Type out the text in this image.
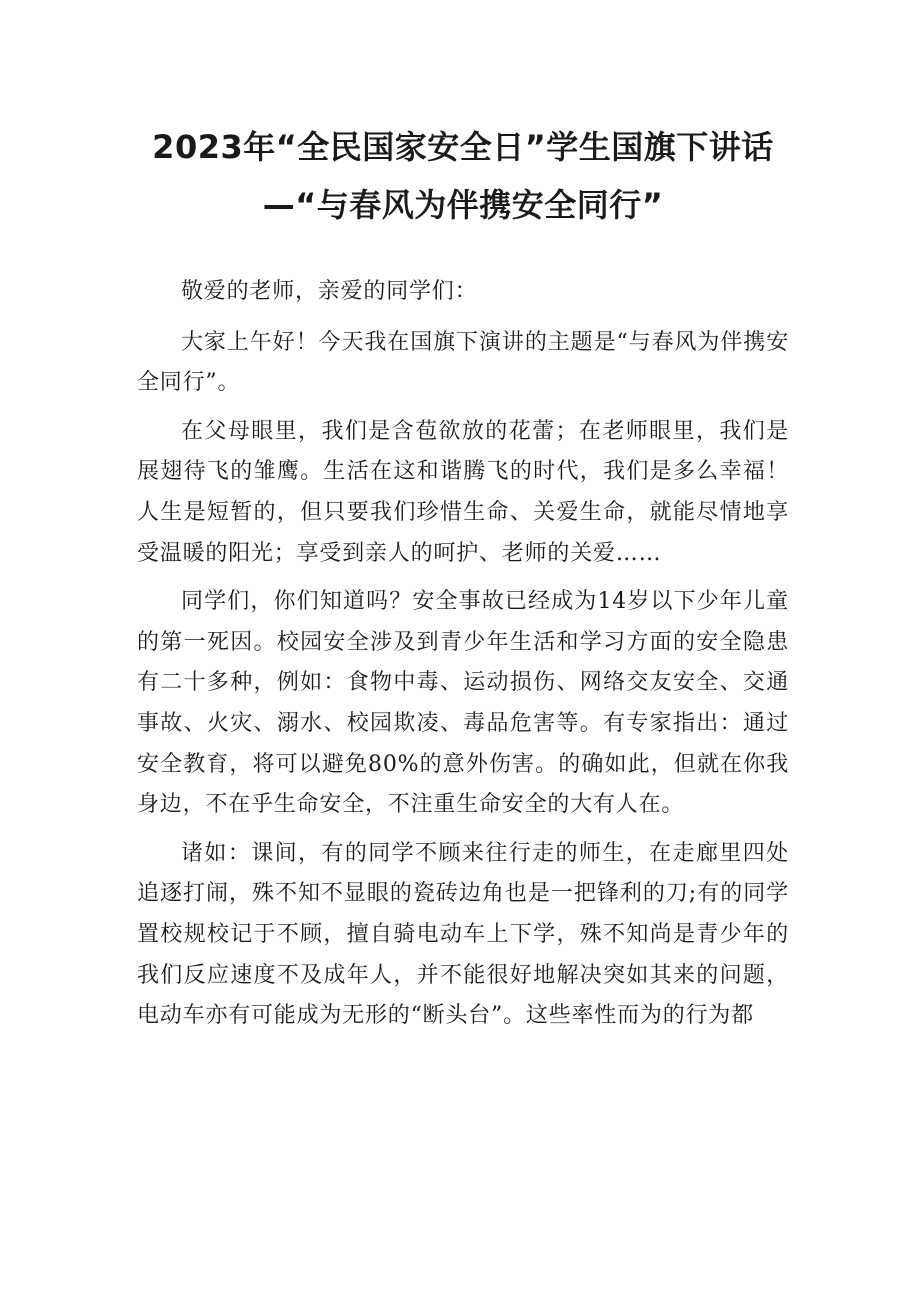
2023年“全民国家安全日”学生国旗下讲话
—“与春风为伴携安全同行”

敬爱的老师，亲爱的同学们：

大家上午好！今天我在国旗下演讲的主题是“与春风为伴携安全同行”。

在父母眼里，我们是含苞欲放的花蕾；在老师眼里，我们是展翅待飞的雏鹰。生活在这和谐腾飞的时代，我们是多么幸福！人生是短暂的，但只要我们珍惜生命、关爱生命，就能尽情地享受温暖的阳光；享受到亲人的呵护、老师的关爱……

同学们，你们知道吗？安全事故已经成为14岁以下少年儿童的第一死因。校园安全涉及到青少年生活和学习方面的安全隐患有二十多种，例如：食物中毒、运动损伤、网络交友安全、交通事故、火灾、溺水、校园欺凌、毒品危害等。有专家指出：通过安全教育，将可以避免80%的意外伤害。的确如此，但就在你我身边，不在乎生命安全，不注重生命安全的大有人在。

诸如：课间，有的同学不顾来往行走的师生，在走廊里四处追逐打闹，殊不知不显眼的瓷砖边角也是一把锋利的刀;有的同学置校规校记于不顾，擅自骑电动车上下学，殊不知尚是青少年的我们反应速度不及成年人，并不能很好地解决突如其来的问题，电动车亦有可能成为无形的“断头台”。这些率性而为的行为都
